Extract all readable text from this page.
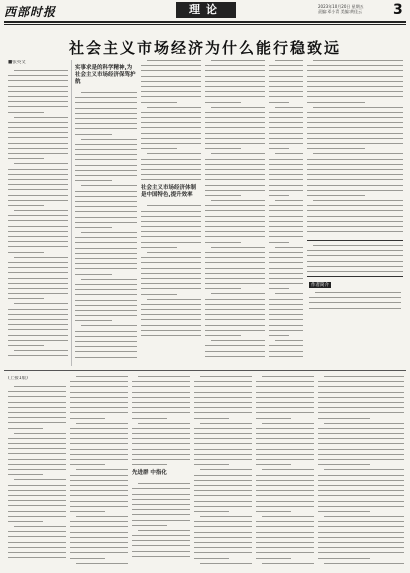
西部时报	理论	2023年10月20日 星期五
责编:邓小青 美编:黄佳云	3
社会主义市场经济为什么能行稳致远
■张英文
实事求是的科学精神,为社会主义市场经济保驾护航
社会主义市场经济体制是中国特色,提升效率
作者简介
(上接1版)
先进群 中指化
